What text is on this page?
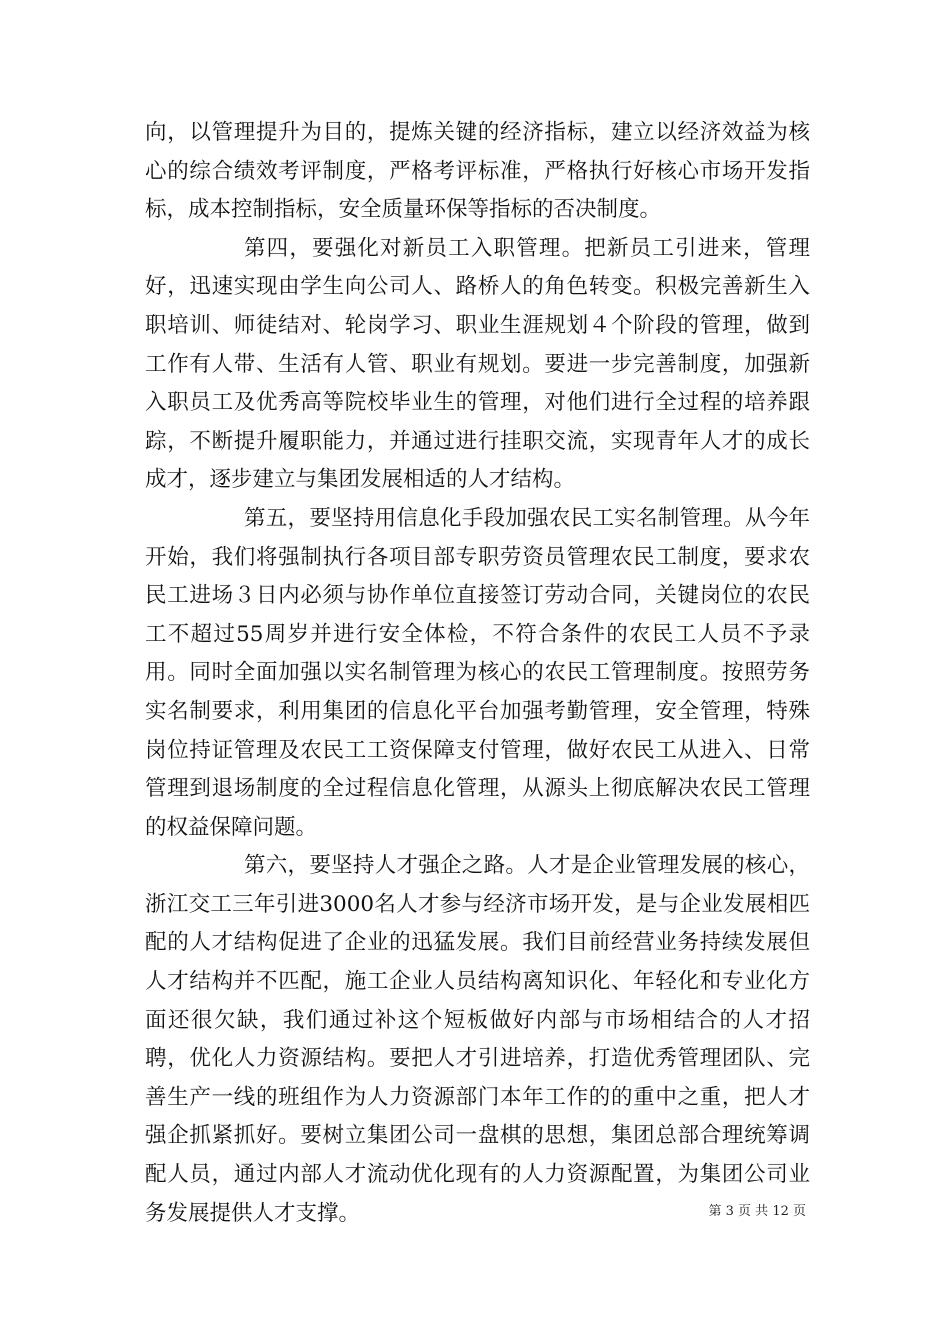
向，以管理提升为目的，提炼关键的经济指标，建立以经济效益为核心的综合绩效考评制度，严格考评标准，严格执行好核心市场开发指标，成本控制指标，安全质量环保等指标的否决制度。

第四，要强化对新员工入职管理。把新员工引进来，管理好，迅速实现由学生向公司人、路桥人的角色转变。积极完善新生入职培训、师徒结对、轮岗学习、职业生涯规划４个阶段的管理，做到工作有人带、生活有人管、职业有规划。要进一步完善制度，加强新入职员工及优秀高等院校毕业生的管理，对他们进行全过程的培养跟踪，不断提升履职能力，并通过进行挂职交流，实现青年人才的成长成才，逐步建立与集团发展相适的人才结构。

第五，要坚持用信息化手段加强农民工实名制管理。从今年开始，我们将强制执行各项目部专职劳资员管理农民工制度，要求农民工进场３日内必须与协作单位直接签订劳动合同，关键岗位的农民工不超过55周岁并进行安全体检，不符合条件的农民工人员不予录用。同时全面加强以实名制管理为核心的农民工管理制度。按照劳务实名制要求，利用集团的信息化平台加强考勤管理，安全管理，特殊岗位持证管理及农民工工资保障支付管理，做好农民工从进入、日常管理到退场制度的全过程信息化管理，从源头上彻底解决农民工管理的权益保障问题。

第六，要坚持人才强企之路。人才是企业管理发展的核心，浙江交工三年引进3000名人才参与经济市场开发，是与企业发展相匹配的人才结构促进了企业的迅猛发展。我们目前经营业务持续发展但人才结构并不匹配，施工企业人员结构离知识化、年轻化和专业化方面还很欠缺，我们通过补这个短板做好内部与市场相结合的人才招聘，优化人力资源结构。要把人才引进培养，打造优秀管理团队、完善生产一线的班组作为人力资源部门本年工作的的重中之重，把人才强企抓紧抓好。要树立集团公司一盘棋的思想，集团总部合理统筹调配人员，通过内部人才流动优化现有的人力资源配置，为集团公司业务发展提供人才支撑。	第 3 页 共 12 页
